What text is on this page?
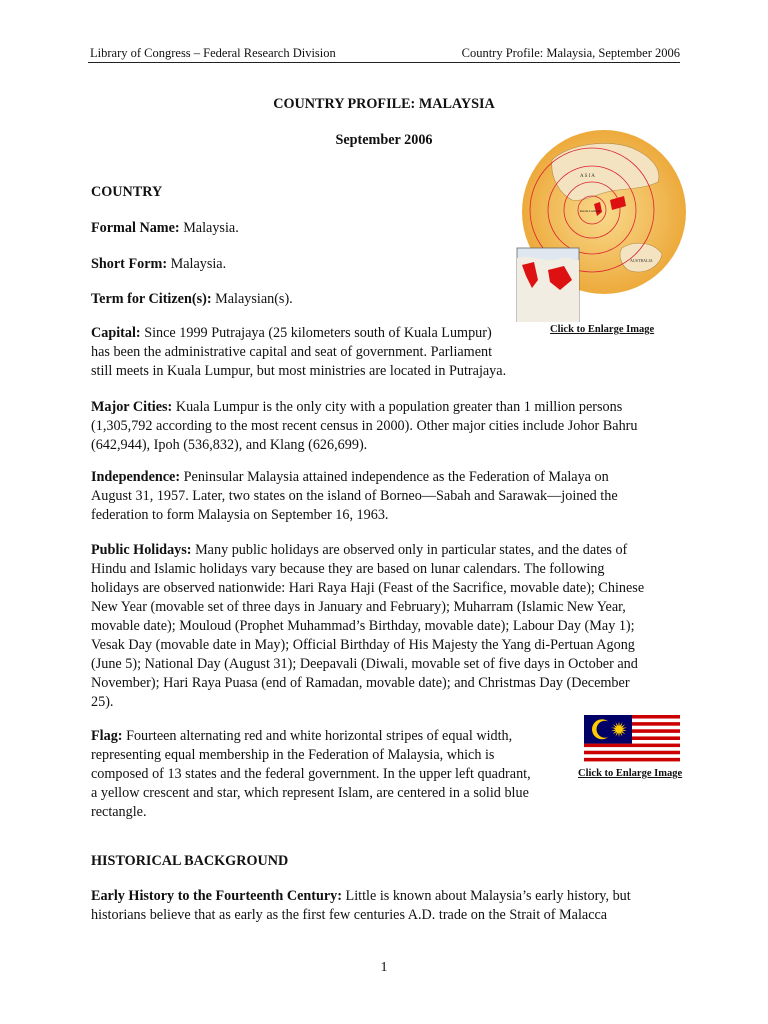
Library of Congress – Federal Research Division	Country Profile: Malaysia, September 2006
COUNTRY PROFILE: MALAYSIA
September 2006
COUNTRY
Formal Name: Malaysia.
Short Form: Malaysia.
Term for Citizen(s): Malaysian(s).
Capital: Since 1999 Putrajaya (25 kilometers south of Kuala Lumpur)
has been the administrative capital and seat of government. Parliament
still meets in Kuala Lumpur, but most ministries are located in Putrajaya.
Major Cities: Kuala Lumpur is the only city with a population greater than 1 million persons
(1,305,792 according to the most recent census in 2000). Other major cities include Johor Bahru
(642,944), Ipoh (536,832), and Klang (626,699).
Independence: Peninsular Malaysia attained independence as the Federation of Malaya on
August 31, 1957. Later, two states on the island of Borneo—Sabah and Sarawak—joined the
federation to form Malaysia on September 16, 1963.
Public Holidays: Many public holidays are observed only in particular states, and the dates of
Hindu and Islamic holidays vary because they are based on lunar calendars. The following
holidays are observed nationwide: Hari Raya Haji (Feast of the Sacrifice, movable date); Chinese
New Year (movable set of three days in January and February); Muharram (Islamic New Year,
movable date); Mouloud (Prophet Muhammad’s Birthday, movable date); Labour Day (May 1);
Vesak Day (movable date in May); Official Birthday of His Majesty the Yang di-Pertuan Agong
(June 5); National Day (August 31); Deepavali (Diwali, movable set of five days in October and
November); Hari Raya Puasa (end of Ramadan, movable date); and Christmas Day (December
25).
Flag: Fourteen alternating red and white horizontal stripes of equal width,
representing equal membership in the Federation of Malaysia, which is
composed of 13 states and the federal government. In the upper left quadrant,
a yellow crescent and star, which represent Islam, are centered in a solid blue
rectangle.
HISTORICAL BACKGROUND
Early History to the Fourteenth Century: Little is known about Malaysia’s early history, but
historians believe that as early as the first few centuries A.D. trade on the Strait of Malacca
A S I A
Kuala Lumpur
AUSTRALIA
Click to Enlarge Image
Click to Enlarge Image
1
